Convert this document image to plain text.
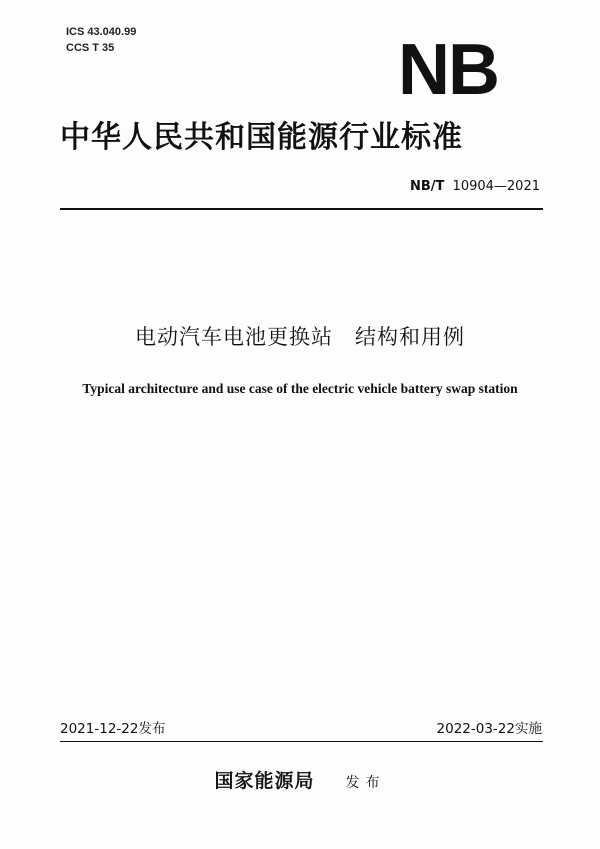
ICS 43.040.99
CCS T 35	NB
中华人民共和国能源行业标准
NB/T 10904—2021
电动汽车电池更换站　结构和用例
Typical architecture and use case of the electric vehicle battery swap station
2021-12-22发布	2022-03-22实施
国家能源局 发布
